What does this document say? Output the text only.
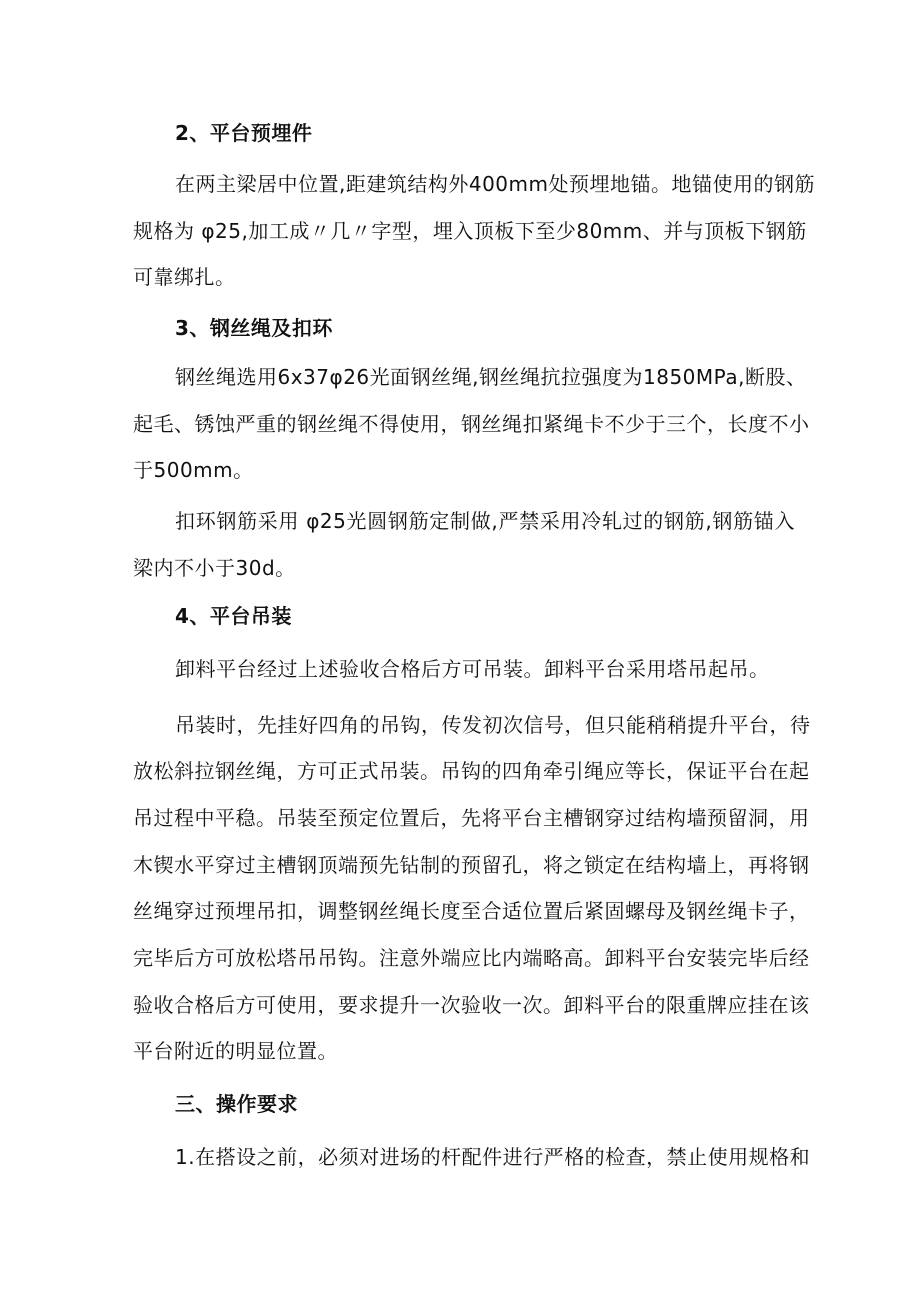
2、平台预埋件
在两主梁居中位置,距建筑结构外400mm处预埋地锚。地锚使用的钢筋
规格为 φ25,加工成〃几〃字型，埋入顶板下至少80mm、并与顶板下钢筋
可靠绑扎。
3、钢丝绳及扣环
钢丝绳选用6x37φ26光面钢丝绳,钢丝绳抗拉强度为1850MPa,断股、
起毛、锈蚀严重的钢丝绳不得使用，钢丝绳扣紧绳卡不少于三个，长度不小
于500mm。
扣环钢筋采用 φ25光圆钢筋定制做,严禁采用冷轧过的钢筋,钢筋锚入
梁内不小于30d。
4、平台吊装
卸料平台经过上述验收合格后方可吊装。卸料平台采用塔吊起吊。
吊装时，先挂好四角的吊钩，传发初次信号，但只能稍稍提升平台，待
放松斜拉钢丝绳，方可正式吊装。吊钩的四角牵引绳应等长，保证平台在起
吊过程中平稳。吊装至预定位置后，先将平台主槽钢穿过结构墙预留洞，用
木锲水平穿过主槽钢顶端预先钻制的预留孔，将之锁定在结构墙上，再将钢
丝绳穿过预埋吊扣，调整钢丝绳长度至合适位置后紧固螺母及钢丝绳卡子，
完毕后方可放松塔吊吊钩。注意外端应比内端略高。卸料平台安装完毕后经
验收合格后方可使用，要求提升一次验收一次。卸料平台的限重牌应挂在该
平台附近的明显位置。
三、操作要求
1.在搭设之前，必须对进场的杆配件进行严格的检查，禁止使用规格和
